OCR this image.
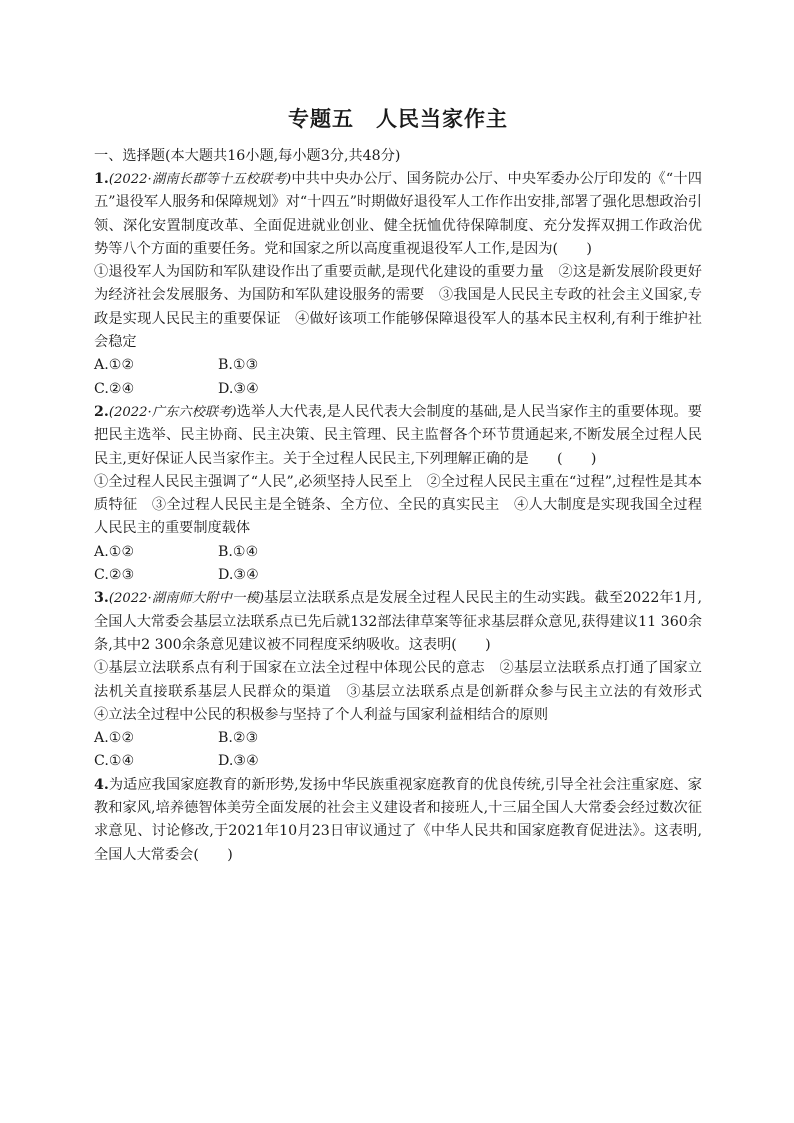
专题五　人民当家作主

一、选择题(本大题共16小题,每小题3分,共48分)

1.(2022·湖南长郡等十五校联考)中共中央办公厅、国务院办公厅、中央军委办公厅印发的《“十四五”退役军人服务和保障规划》对“十四五”时期做好退役军人工作作出安排,部署了强化思想政治引领、深化安置制度改革、全面促进就业创业、健全抚恤优待保障制度、充分发挥双拥工作政治优势等八个方面的重要任务。党和国家之所以高度重视退役军人工作,是因为(　　)

①退役军人为国防和军队建设作出了重要贡献,是现代化建设的重要力量　②这是新发展阶段更好为经济社会发展服务、为国防和军队建设服务的需要　③我国是人民民主专政的社会主义国家,专政是实现人民民主的重要保证　④做好该项工作能够保障退役军人的基本民主权利,有利于维护社会稳定

A.①②	B.①③
C.②④	D.③④

2.(2022·广东六校联考)选举人大代表,是人民代表大会制度的基础,是人民当家作主的重要体现。要把民主选举、民主协商、民主决策、民主管理、民主监督各个环节贯通起来,不断发展全过程人民民主,更好保证人民当家作主。关于全过程人民民主,下列理解正确的是　　(　　)

①全过程人民民主强调了“人民”,必须坚持人民至上　②全过程人民民主重在“过程”,过程性是其本质特征　③全过程人民民主是全链条、全方位、全民的真实民主　④人大制度是实现我国全过程人民民主的重要制度载体

A.①②	B.①④
C.②③	D.③④

3.(2022·湖南师大附中一模)基层立法联系点是发展全过程人民民主的生动实践。截至2022年1月,全国人大常委会基层立法联系点已先后就132部法律草案等征求基层群众意见,获得建议11 360余条,其中2 300余条意见建议被不同程度采纳吸收。这表明(　　)

①基层立法联系点有利于国家在立法全过程中体现公民的意志　②基层立法联系点打通了国家立法机关直接联系基层人民群众的渠道　③基层立法联系点是创新群众参与民主立法的有效形式　④立法全过程中公民的积极参与坚持了个人利益与国家利益相结合的原则

A.①②	B.②③
C.①④	D.③④

4.为适应我国家庭教育的新形势,发扬中华民族重视家庭教育的优良传统,引导全社会注重家庭、家教和家风,培养德智体美劳全面发展的社会主义建设者和接班人,十三届全国人大常委会经过数次征求意见、讨论修改,于2021年10月23日审议通过了《中华人民共和国家庭教育促进法》。这表明,全国人大常委会(　　)
